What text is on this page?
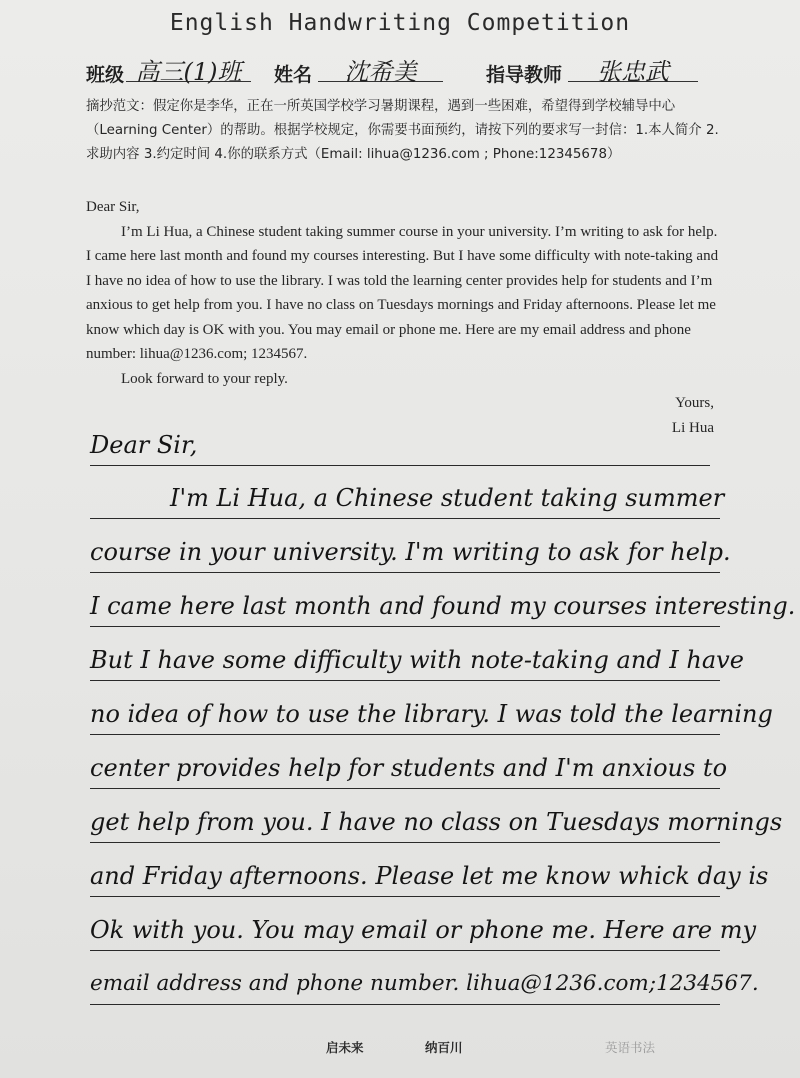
English Handwriting Competition
班级 高三(1)班	姓名	沈希美	指导教师	张忠武
摘抄范文：假定你是李华，正在一所英国学校学习暑期课程，遇到一些困难，希望得到学校辅导中心（Learning Center）的帮助。根据学校规定，你需要书面预约，请按下列的要求写一封信：1.本人简介 2.求助内容 3.约定时间 4.你的联系方式（Email: lihua@1236.com ; Phone:12345678）

Dear Sir,

I’m Li Hua, a Chinese student taking summer course in your university. I’m writing to ask for help. I came here last month and found my courses interesting. But I have some difficulty with note-taking and I have no idea of how to use the library. I was told the learning center provides help for students and I’m anxious to get help from you. I have no class on Tuesdays mornings and Friday afternoons. Please let me know which day is OK with you. You may email or phone me. Here are my email address and phone number: lihua@1236.com; 1234567.

Look forward to your reply.

Yours,

Li Hua

Dear Sir,
I'm Li Hua, a Chinese student taking summer
course in your university. I'm writing to ask for help.
I came here last month and found my courses interesting.
But I have some difficulty with note-taking and I have
no idea of how to use the library. I was told the learning
center provides help for students and I'm anxious to
get help from you. I have no class on Tuesdays mornings
and Friday afternoons. Please let me know whick day is
Ok with you. You may email or phone me. Here are my
email address and phone number. lihua@1236.com;1234567.
启未来	纳百川	英语书法
